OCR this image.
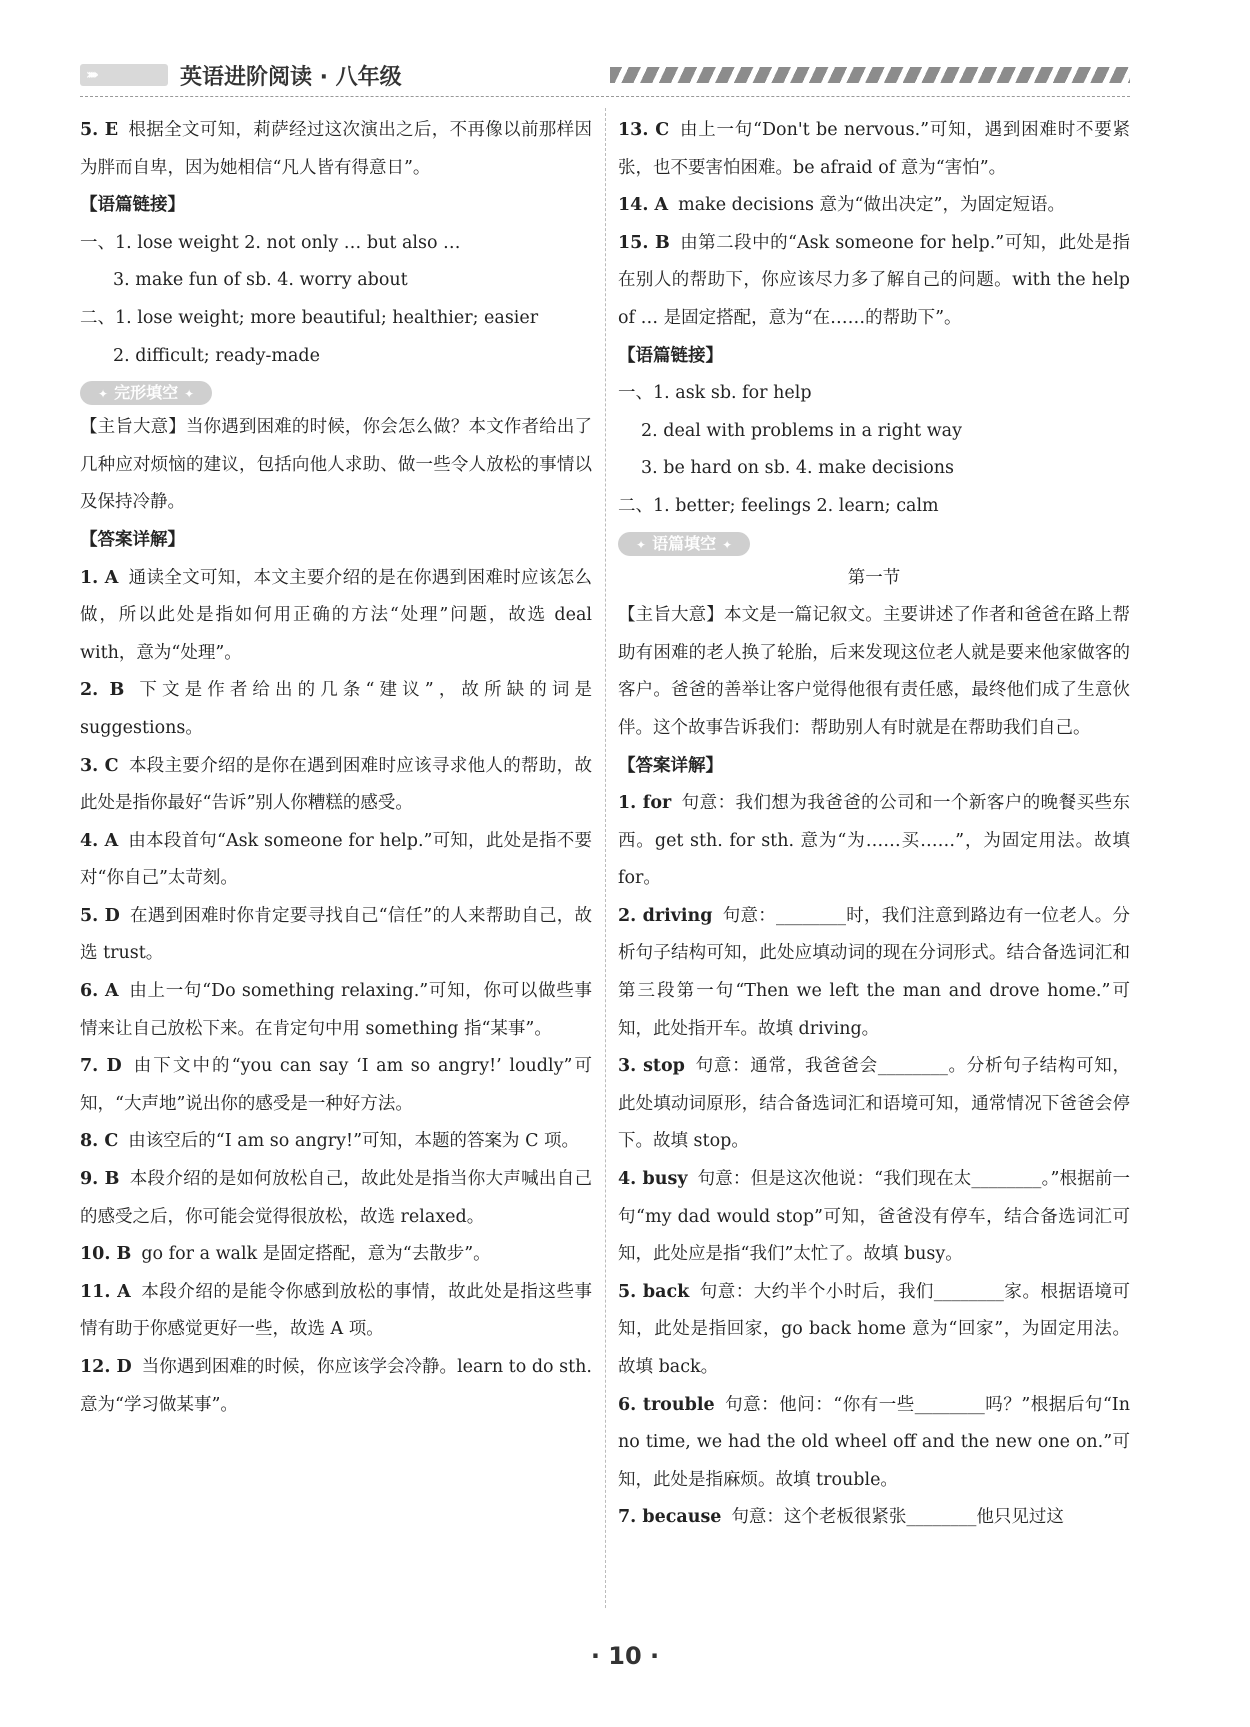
›››››	英语进阶阅读 · 八年级

5. E 根据全文可知，莉萨经过这次演出之后，不再像以前那样因为胖而自卑，因为她相信“凡人皆有得意日”。

【语篇链接】

一、1. lose weight 2. not only … but also …

3. make fun of sb. 4. worry about

二、1. lose weight; more beautiful; healthier; easier

2. difficult; ready-made

✦ 完形填空 ✦

【主旨大意】当你遇到困难的时候，你会怎么做？本文作者给出了几种应对烦恼的建议，包括向他人求助、做一些令人放松的事情以及保持冷静。

【答案详解】

1. A 通读全文可知，本文主要介绍的是在你遇到困难时应该怎么做，所以此处是指如何用正确的方法“处理”问题，故选 deal with，意为“处理”。

2. B 下文是作者给出的几条“建议”，故所缺的词是 suggestions。

3. C 本段主要介绍的是你在遇到困难时应该寻求他人的帮助，故此处是指你最好“告诉”别人你糟糕的感受。

4. A 由本段首句“Ask someone for help.”可知，此处是指不要对“你自己”太苛刻。

5. D 在遇到困难时你肯定要寻找自己“信任”的人来帮助自己，故选 trust。

6. A 由上一句“Do something relaxing.”可知，你可以做些事情来让自己放松下来。在肯定句中用 something 指“某事”。

7. D 由下文中的“you can say ‘I am so angry!’ loudly”可知，“大声地”说出你的感受是一种好方法。

8. C 由该空后的“I am so angry!”可知，本题的答案为 C 项。

9. B 本段介绍的是如何放松自己，故此处是指当你大声喊出自己的感受之后，你可能会觉得很放松，故选 relaxed。

10. B go for a walk 是固定搭配，意为“去散步”。

11. A 本段介绍的是能令你感到放松的事情，故此处是指这些事情有助于你感觉更好一些，故选 A 项。

12. D 当你遇到困难的时候，你应该学会冷静。learn to do sth. 意为“学习做某事”。

13. C 由上一句“Don't be nervous.”可知，遇到困难时不要紧张，也不要害怕困难。be afraid of 意为“害怕”。

14. A make decisions 意为“做出决定”，为固定短语。

15. B 由第二段中的“Ask someone for help.”可知，此处是指在别人的帮助下，你应该尽力多了解自己的问题。with the help of … 是固定搭配，意为“在……的帮助下”。

【语篇链接】

一、1. ask sb. for help

2. deal with problems in a right way

3. be hard on sb. 4. make decisions

二、1. better; feelings 2. learn; calm

✦ 语篇填空 ✦
第一节

【主旨大意】本文是一篇记叙文。主要讲述了作者和爸爸在路上帮助有困难的老人换了轮胎，后来发现这位老人就是要来他家做客的客户。爸爸的善举让客户觉得他很有责任感，最终他们成了生意伙伴。这个故事告诉我们：帮助别人有时就是在帮助我们自己。

【答案详解】

1. for 句意：我们想为我爸爸的公司和一个新客户的晚餐买些东西。get sth. for sth. 意为“为……买……”，为固定用法。故填 for。

2. driving 句意：________时，我们注意到路边有一位老人。分析句子结构可知，此处应填动词的现在分词形式。结合备选词汇和第三段第一句“Then we left the man and drove home.”可知，此处指开车。故填 driving。

3. stop 句意：通常，我爸爸会________。分析句子结构可知，此处填动词原形，结合备选词汇和语境可知，通常情况下爸爸会停下。故填 stop。

4. busy 句意：但是这次他说：“我们现在太________。”根据前一句“my dad would stop”可知，爸爸没有停车，结合备选词汇可知，此处应是指“我们”太忙了。故填 busy。

5. back 句意：大约半个小时后，我们________家。根据语境可知，此处是指回家，go back home 意为“回家”，为固定用法。故填 back。

6. trouble 句意：他问：“你有一些________吗？”根据后句“In no time, we had the old wheel off and the new one on.”可知，此处是指麻烦。故填 trouble。

7. because 句意：这个老板很紧张________他只见过这

· 10 ·
